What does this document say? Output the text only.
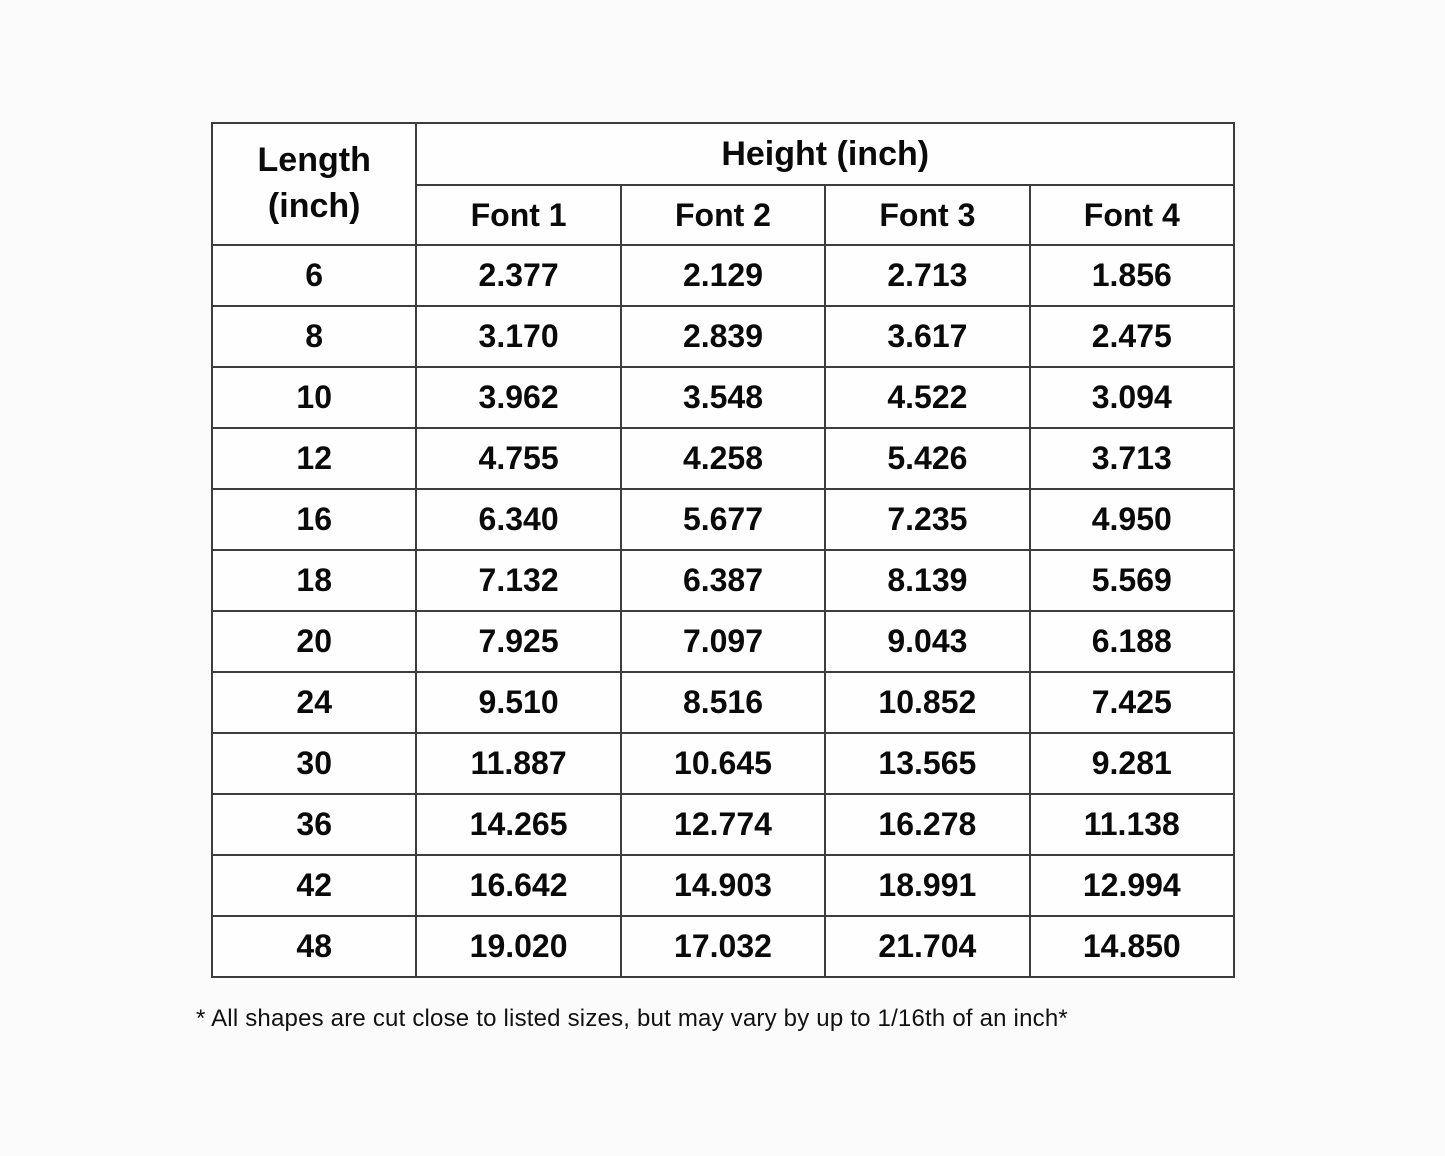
Length
(inch)	Height (inch)			
	Font 1	Font 2	Font 3	Font 4
6	2.377	2.129	2.713	1.856
8	3.170	2.839	3.617	2.475
10	3.962	3.548	4.522	3.094
12	4.755	4.258	5.426	3.713
16	6.340	5.677	7.235	4.950
18	7.132	6.387	8.139	5.569
20	7.925	7.097	9.043	6.188
24	9.510	8.516	10.852	7.425
30	11.887	10.645	13.565	9.281
36	14.265	12.774	16.278	11.138
42	16.642	14.903	18.991	12.994
48	19.020	17.032	21.704	14.850

* All shapes are cut close to listed sizes, but may vary by up to 1/16th of an inch*
